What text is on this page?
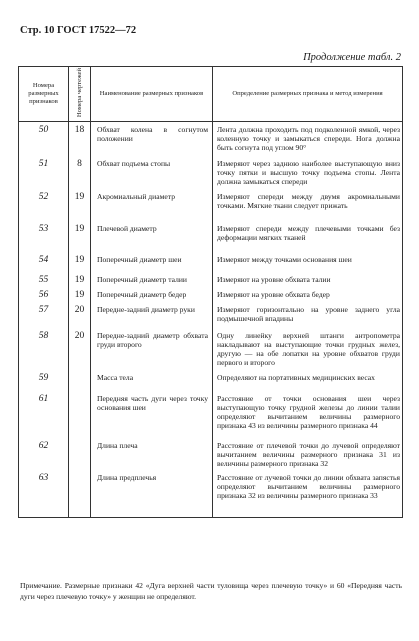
Стр. 10 ГОСТ 17522—72
Продолжение табл. 2
Номера размерных признаков	Номера чертежей	Наименование размерных признаков	Определение размерных признака и метод измерения

50	18	Обхват колена в согнутом положении	Лента должна проходить под подколенной ямкой, через коленную точку и замыкаться спереди. Нога должна быть согнута под углом 90°

51	8	Обхват подъема стопы	Измеряют через заднюю наиболее выступающую вниз точку пятки и высшую точку подъема стопы. Лента должна замыкаться спереди

52	19	Акромиальный диаметр	Измеряют спереди между двумя акромиальными точками. Мягкие ткани следует прижать

53	19	Плечевой диаметр	Измеряют спереди между плечевыми точками без деформации мягких тканей

54	19	Поперечный диаметр шеи	Измеряют между точками основания шеи

55	19	Поперечный диаметр талии	Измеряют на уровне обхвата талии

56	19	Поперечный диаметр бедер	Измеряют на уровне обхвата бедер

57	20	Передне-задний диаметр руки	Измеряют горизонтально на уровне заднего угла подмышечной впадины

58	20	Передне-задний диаметр обхвата груди второго	Одну линейку верхней штанги антропометра накладывают на выступающие точки грудных желез, другую — на обе лопатки на уровне обхватов груди первого и второго

59		Масса тела	Определяют на портативных медицинских весах

61		Передняя часть дуги через точку основания шеи	Расстояние от точки основания шеи через выступающую точку грудной железы до линии талии определяют вычитанием величины размерного признака 43 из величины размерного признака 44

62		Длина плеча	Расстояние от плечевой точки до лучевой определяют вычитанием величины размерного признака 31 из величины размерного признака 32

63		Длина предплечья	Расстояние от лучевой точки до линии обхвата запястья определяют вычитанием величины размерного признака 32 из величины размерного признака 33
Примечание. Размерные признаки 42 «Дуга верхней части туловища через плечевую точку» и 60 «Передняя часть дуги через плечевую точку» у женщин не определяют.
